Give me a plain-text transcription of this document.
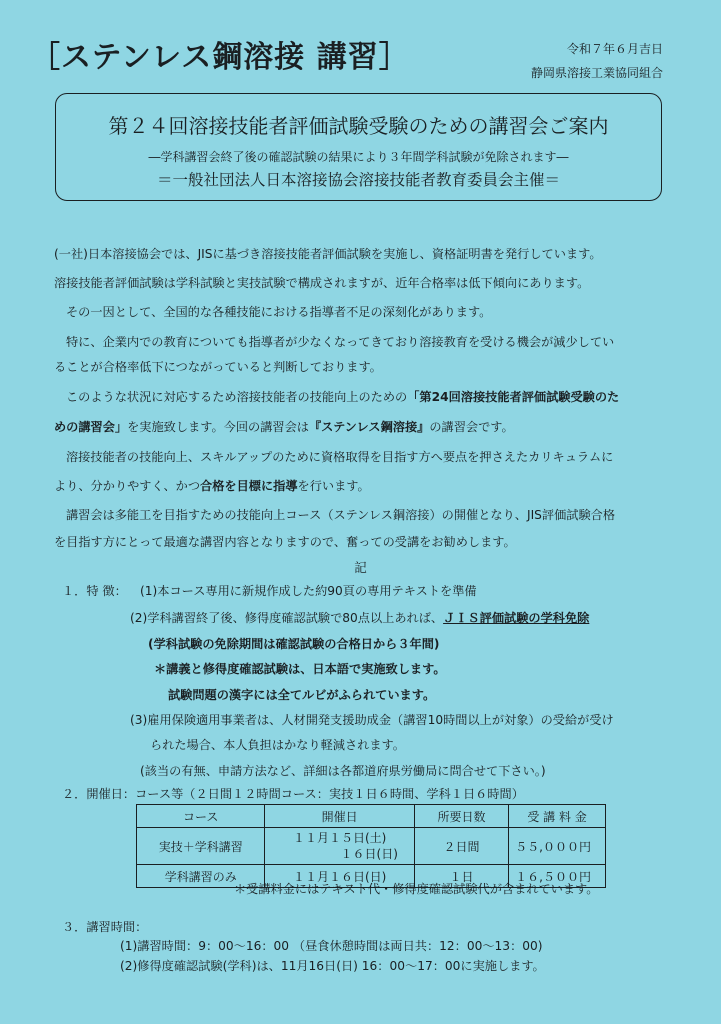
［ステンレス鋼溶接 講習］	令和７年６月吉日
静岡県溶接工業協同組合
第２４回溶接技能者評価試験受験のための講習会ご案内
―学科講習会終了後の確認試験の結果により３年間学科試験が免除されます―
＝一般社団法人日本溶接協会溶接技能者教育委員会主催＝
(一社)日本溶接協会では、JISに基づき溶接技能者評価試験を実施し、資格証明書を発行しています。
溶接技能者評価試験は学科試験と実技試験で構成されますが、近年合格率は低下傾向にあります。
その一因として、全国的な各種技能における指導者不足の深刻化があります。
特に、企業内での教育についても指導者が少なくなってきており溶接教育を受ける機会が減少してい
ることが合格率低下につながっていると判断しております。
このような状況に対応するため溶接技能者の技能向上のための「第24回溶接技能者評価試験受験のた
めの講習会」を実施致します。今回の講習会は『ステンレス鋼溶接』の講習会です。
溶接技能者の技能向上、スキルアップのために資格取得を目指す方へ要点を押さえたカリキュラムに
より、分かりやすく、かつ合格を目標に指導を行います。
講習会は多能工を目指すための技能向上コース（ステンレス鋼溶接）の開催となり、JIS評価試験合格
を目指す方にとって最適な講習内容となりますので、奮っての受講をお勧めします。
記
１．特 徴： (1)本コース専用に新規作成した約90頁の専用テキストを準備
(2)学科講習終了後、修得度確認試験で80点以上あれば、ＪＩＳ評価試験の学科免除
(学科試験の免除期間は確認試験の合格日から３年間)
＊講義と修得度確認試験は、日本語で実施致します。
試験問題の漢字には全てルビがふられています。
(3)雇用保険適用事業者は、人材開発支援助成金（講習10時間以上が対象）の受給が受け
られた場合、本人負担はかなり軽減されます。
(該当の有無、申請方法など、詳細は各都道府県労働局に問合せて下さい。)
２．開催日：コース等（２日間１２時間コース：実技１日６時間、学科１日６時間）
コース	開催日	所要日数	受 講 料 金
実技＋学科講習	１１月１５日(土)
１６日(日)	２日間	５５,０００円
学科講習のみ	１１月１６日(日)	１日	１６,５００円
＊受講料金にはテキスト代・修得度確認試験代が含まれています。
３．講習時間：
(1)講習時間：9：00～16：00 （昼食休憩時間は両日共：12：00～13：00)
(2)修得度確認試験(学科)は、11月16日(日) 16：00～17：00に実施します。
